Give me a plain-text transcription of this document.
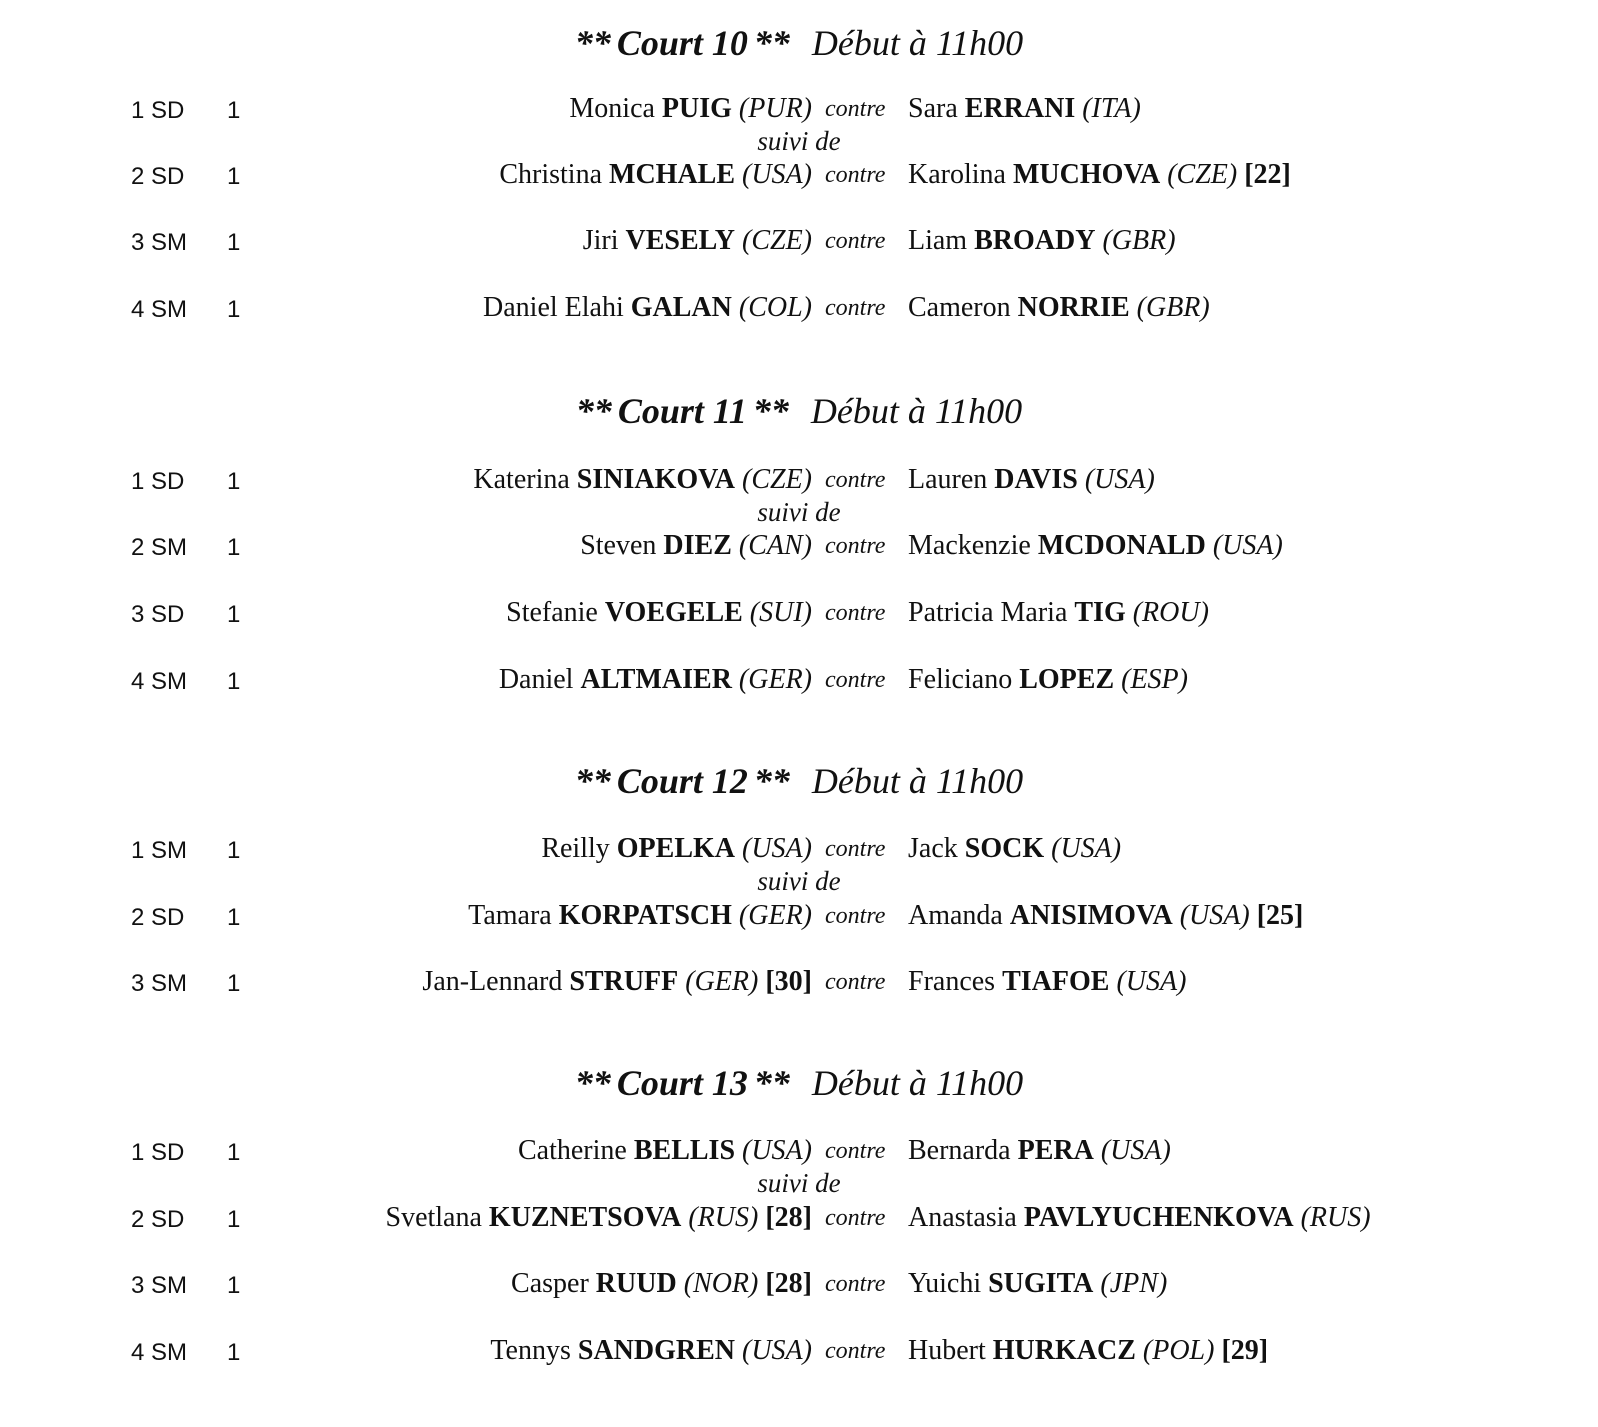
** Court 10 ** Début à 11h00
1 SD 1	Monica PUIG (PUR) contre Sara ERRANI (ITA)
suivi de
2 SD 1	Christina MCHALE (USA) contre Karolina MUCHOVA (CZE) [22]
3 SM 1	Jiri VESELY (CZE) contre Liam BROADY (GBR)
4 SM 1	Daniel Elahi GALAN (COL) contre Cameron NORRIE (GBR)
** Court 11 ** Début à 11h00
1 SD 1	Katerina SINIAKOVA (CZE) contre Lauren DAVIS (USA)
suivi de
2 SM 1	Steven DIEZ (CAN) contre Mackenzie MCDONALD (USA)
3 SD 1	Stefanie VOEGELE (SUI) contre Patricia Maria TIG (ROU)
4 SM 1	Daniel ALTMAIER (GER) contre Feliciano LOPEZ (ESP)
** Court 12 ** Début à 11h00
1 SM 1	Reilly OPELKA (USA) contre Jack SOCK (USA)
suivi de
2 SD 1	Tamara KORPATSCH (GER) contre Amanda ANISIMOVA (USA) [25]
3 SM 1	Jan-Lennard STRUFF (GER) [30] contre Frances TIAFOE (USA)
** Court 13 ** Début à 11h00
1 SD 1	Catherine BELLIS (USA) contre Bernarda PERA (USA)
suivi de
2 SD 1	Svetlana KUZNETSOVA (RUS) [28] contre Anastasia PAVLYUCHENKOVA (RUS)
3 SM 1	Casper RUUD (NOR) [28] contre Yuichi SUGITA (JPN)
4 SM 1	Tennys SANDGREN (USA) contre Hubert HURKACZ (POL) [29]
